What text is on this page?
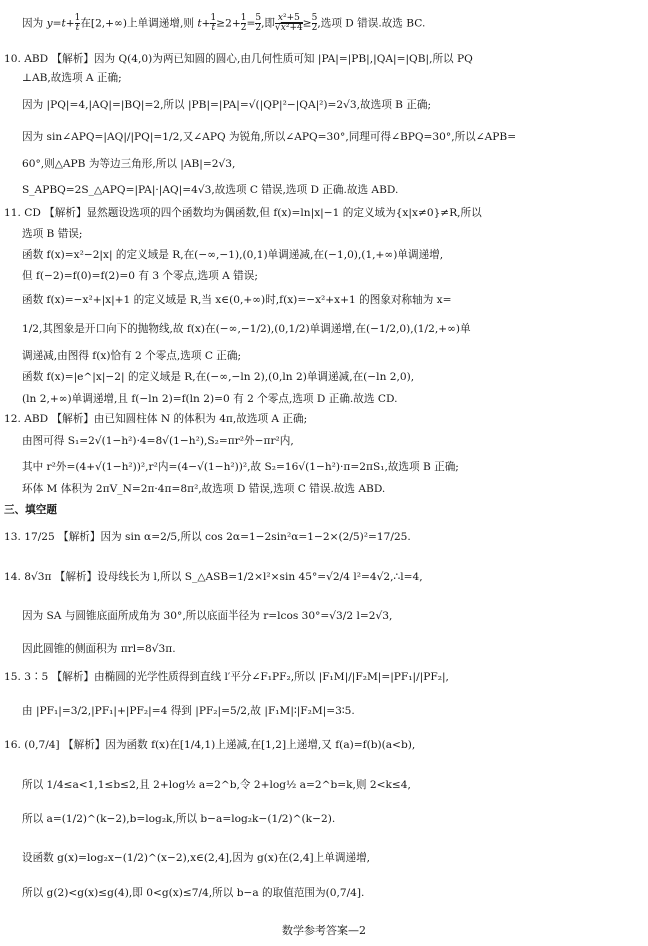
因为 $y=t+ \frac{1}{t}$ 在[2,+∞)上单调递增,则 $t+ \frac{1}{t} \ge 2+ \frac{1}{2} = \frac{5}{2}$ ,即 $\frac{\text{x²+5}}{\text{√x²+4}} \ge \frac{5}{2}$ ,选项 D 错误.故选 BC.
10. ABD 【解析】因为 Q(4,0)为两已知圆的圆心,由几何性质可知 |PA|=|PB|,|QA|=|QB|,所以 PQ
⊥AB,故选项 A 正确;
因为 |PQ|=4,|AQ|=|BQ|=2,所以 |PB|=|PA|=√(|QP|²−|QA|²)=2√3,故选项 B 正确;
因为 sin∠APQ=|AQ|/|PQ|=1/2,又∠APQ 为锐角,所以∠APQ=30°,同理可得∠BPQ=30°,所以∠APB=
60°,则△APB 为等边三角形,所以 |AB|=2√3,
S_APBQ=2S_△APQ=|PA|·|AQ|=4√3,故选项 C 错误,选项 D 正确.故选 ABD.
11. CD 【解析】显然题设选项的四个函数均为偶函数,但 f(x)=ln|x|−1 的定义域为{x|x≠0}≠R,所以
选项 B 错误;
函数 f(x)=x²−2|x| 的定义域是 R,在(−∞,−1),(0,1)单调递减,在(−1,0),(1,+∞)单调递增,
但 f(−2)=f(0)=f(2)=0 有 3 个零点,选项 A 错误;
函数 f(x)=−x²+|x|+1 的定义域是 R,当 x∈(0,+∞)时,f(x)=−x²+x+1 的图象对称轴为 x=
1/2,其图象是开口向下的抛物线,故 f(x)在(−∞,−1/2),(0,1/2)单调递增,在(−1/2,0),(1/2,+∞)单
调递减,由图得 f(x)恰有 2 个零点,选项 C 正确;
函数 f(x)=|e^|x|−2| 的定义域是 R,在(−∞,−ln 2),(0,ln 2)单调递减,在(−ln 2,0),
(ln 2,+∞)单调递增,且 f(−ln 2)=f(ln 2)=0 有 2 个零点,选项 D 正确.故选 CD.
12. ABD 【解析】由已知圆柱体 N 的体积为 4π,故选项 A 正确;
由图可得 S₁=2√(1−h²)·4=8√(1−h²),S₂=πr²外−πr²内,
其中 r²外=(4+√(1−h²))²,r²内=(4−√(1−h²))²,故 S₂=16√(1−h²)·π=2πS₁,故选项 B 正确;
环体 M 体积为 2πV_N=2π·4π=8π²,故选项 D 错误,选项 C 错误.故选 ABD.
三、填空题
13. 17/25 【解析】因为 sin α=2/5,所以 cos 2α=1−2sin²α=1−2×(2/5)²=17/25.
14. 8√3π 【解析】设母线长为 l,所以 S_△ASB=1/2×l²×sin 45°=√2/4 l²=4√2,∴l=4,
因为 SA 与圆锥底面所成角为 30°,所以底面半径为 r=lcos 30°=√3/2 l=2√3,
因此圆锥的侧面积为 πrl=8√3π.
15. 3∶5 【解析】由椭圆的光学性质得到直线 l′平分∠F₁PF₂,所以 |F₁M|/|F₂M|=|PF₁|/|PF₂|,
由 |PF₁|=3/2,|PF₁|+|PF₂|=4 得到 |PF₂|=5/2,故 |F₁M|∶|F₂M|=3∶5.
16. (0,7/4] 【解析】因为函数 f(x)在[1/4,1)上递减,在[1,2]上递增,又 f(a)=f(b)(a<b),
所以 1/4≤a<1,1≤b≤2,且 2+log½ a=2^b,令 2+log½ a=2^b=k,则 2<k≤4,
所以 a=(1/2)^(k−2),b=log₂k,所以 b−a=log₂k−(1/2)^(k−2).
设函数 g(x)=log₂x−(1/2)^(x−2),x∈(2,4],因为 g(x)在(2,4]上单调递增,
所以 g(2)<g(x)≤g(4),即 0<g(x)≤7/4,所以 b−a 的取值范围为(0,7/4].
数学参考答案—2
